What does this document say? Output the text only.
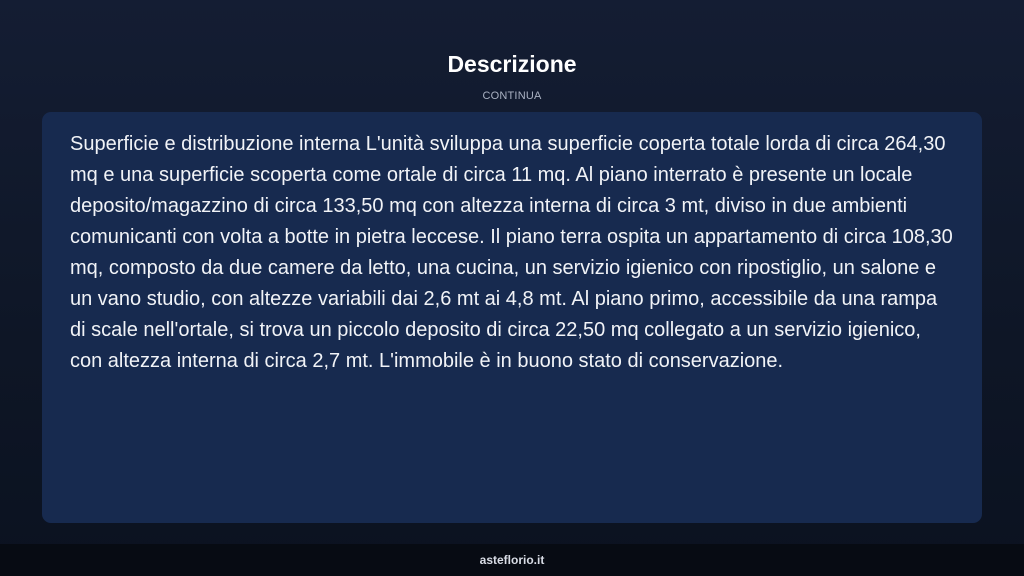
Descrizione
CONTINUA

Superficie e distribuzione interna L'unità sviluppa una superficie coperta totale lorda di circa 264,30 mq e una superficie scoperta come ortale di circa 11 mq. Al piano interrato è presente un locale deposito/magazzino di circa 133,50 mq con altezza interna di circa 3 mt, diviso in due ambienti comunicanti con volta a botte in pietra leccese. Il piano terra ospita un appartamento di circa 108,30 mq, composto da due camere da letto, una cucina, un servizio igienico con ripostiglio, un salone e un vano studio, con altezze variabili dai 2,6 mt ai 4,8 mt. Al piano primo, accessibile da una rampa di scale nell'ortale, si trova un piccolo deposito di circa 22,50 mq collegato a un servizio igienico, con altezza interna di circa 2,7 mt. L'immobile è in buono stato di conservazione.

asteflorio.it
